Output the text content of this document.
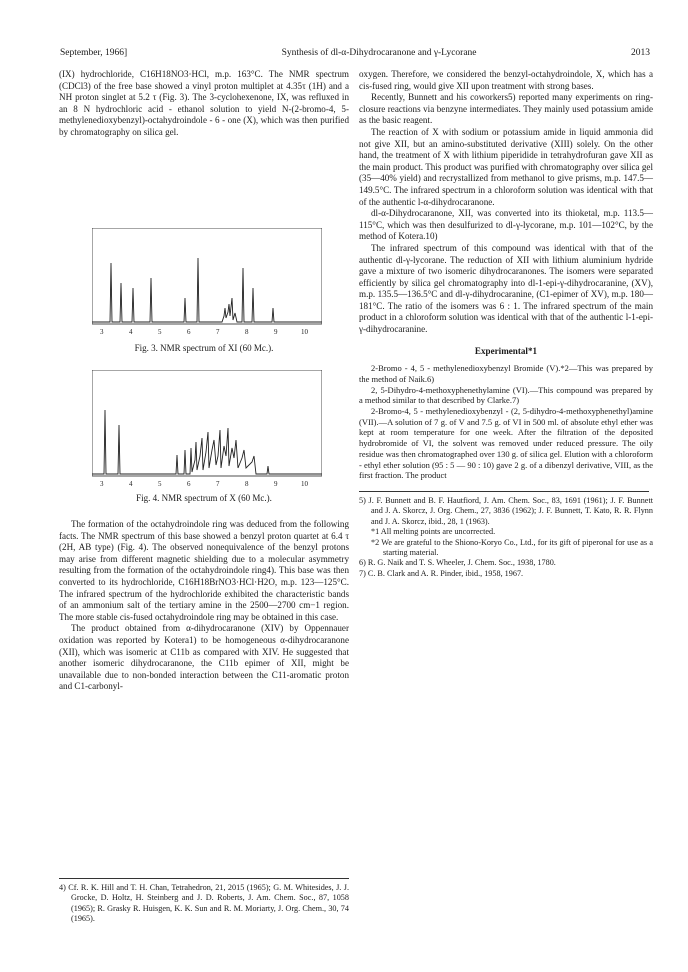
September, 1966]	Synthesis of dl-α-Dihydrocaranone and γ-Lycorane	2013

(IX) hydrochloride, C16H18NO3·HCl, m.p. 163°C. The NMR spectrum (CDCl3) of the free base showed a vinyl proton multiplet at 4.35τ (1H) and a NH proton singlet at 5.2 τ (Fig. 3). The 3-cyclohexenone, IX, was refluxed in an 8 N hydrochloric acid - ethanol solution to yield N-(2-bromo-4, 5-methylenedioxybenzyl)-octahydroindole - 6 - one (X), which was then purified by chromatography on silica gel.

3	4	5	6	7	8	9	10
Fig. 3. NMR spectrum of XI (60 Mc.).
3	4	5	6	7	8	9	10
Fig. 4. NMR spectrum of X (60 Mc.).

The formation of the octahydroindole ring was deduced from the following facts. The NMR spectrum of this base showed a benzyl proton quartet at 6.4 τ (2H, AB type) (Fig. 4). The observed nonequivalence of the benzyl protons may arise from different magnetic shielding due to a molecular asymmetry resulting from the formation of the octahydroindole ring4). This base was then converted to its hydrochloride, C16H18BrNO3·HCl·H2O, m.p. 123—125°C. The infrared spectrum of the hydrochloride exhibited the characteristic bands of an ammonium salt of the tertiary amine in the 2500—2700 cm−1 region. The more stable cis-fused octahydroindole ring may be obtained in this case.

The product obtained from α-dihydrocaranone (XIV) by Oppennauer oxidation was reported by Kotera1) to be homogeneous α-dihydrocaranone (XII), which was isomeric at C11b as compared with XIV. He suggested that another isomeric dihydrocaranone, the C11b epimer of XII, might be unavailable due to non-bonded interaction between the C11-aromatic proton and C1-carbonyl-

4) Cf. R. K. Hill and T. H. Chan, Tetrahedron, 21, 2015 (1965); G. M. Whitesides, J. J. Grocke, D. Holtz, H. Steinberg and J. D. Roberts, J. Am. Chem. Soc., 87, 1058 (1965); R. Grasky R. Huisgen, K. K. Sun and R. M. Moriarty, J. Org. Chem., 30, 74 (1965).

oxygen. Therefore, we considered the benzyl-octahydroindole, X, which has a cis-fused ring, would give XII upon treatment with strong bases.

Recently, Bunnett and his coworkers5) reported many experiments on ring-closure reactions via benzyne intermediates. They mainly used potassium amide as the basic reagent.

The reaction of X with sodium or potassium amide in liquid ammonia did not give XII, but an amino-substituted derivative (XIII) solely. On the other hand, the treatment of X with lithium piperidide in tetrahydrofuran gave XII as the main product. This product was purified with chromatography over silica gel (35—40% yield) and recrystallized from methanol to give prisms, m.p. 147.5—149.5°C. The infrared spectrum in a chloroform solution was identical with that of the authentic l-α-dihydrocaranone.

dl-α-Dihydrocaranone, XII, was converted into its thioketal, m.p. 113.5—115°C, which was then desulfurized to dl-γ-lycorane, m.p. 101—102°C, by the method of Kotera.10)

The infrared spectrum of this compound was identical with that of the authentic dl-γ-lycorane. The reduction of XII with lithium aluminium hydride gave a mixture of two isomeric dihydrocaranones. The isomers were separated efficiently by silica gel chromatography into dl-1-epi-γ-dihydrocaranine, (XV), m.p. 135.5—136.5°C and dl-γ-dihydrocaranine, (C1-epimer of XV), m.p. 180—181°C. The ratio of the isomers was 6 : 1. The infrared spectrum of the main product in a chloroform solution was identical with that of the authentic l-1-epi-γ-dihydrocaranine.

Experimental*1

2-Bromo - 4, 5 - methylenedioxybenzyl Bromide (V).*2—This was prepared by the method of Naik.6)

2, 5-Dihydro-4-methoxyphenethylamine (VI).—This compound was prepared by a method similar to that described by Clarke.7)

2-Bromo-4, 5 - methylenedioxybenzyl - (2, 5-dihydro-4-methoxyphenethyl)amine (VII).—A solution of 7 g. of V and 7.5 g. of VI in 500 ml. of absolute ethyl ether was kept at room temperature for one week. After the filtration of the deposited hydrobromide of VI, the solvent was removed under reduced pressure. The oily residue was then chromatographed over 130 g. of silica gel. Elution with a chloroform - ethyl ether solution (95 : 5 — 90 : 10) gave 2 g. of a dibenzyl derivative, VIII, as the first fraction. The product

5) J. F. Bunnett and B. F. Hautfiord, J. Am. Chem. Soc., 83, 1691 (1961); J. F. Bunnett and J. A. Skorcz, J. Org. Chem., 27, 3836 (1962); J. F. Bunnett, T. Kato, R. R. Flynn and J. A. Skorcz, ibid., 28, 1 (1963).

*1 All melting points are uncorrected.

*2 We are grateful to the Shiono-Koryo Co., Ltd., for its gift of piperonal for use as a starting material.

6) R. G. Naik and T. S. Wheeler, J. Chem. Soc., 1938, 1780.

7) C. B. Clark and A. R. Pinder, ibid., 1958, 1967.
